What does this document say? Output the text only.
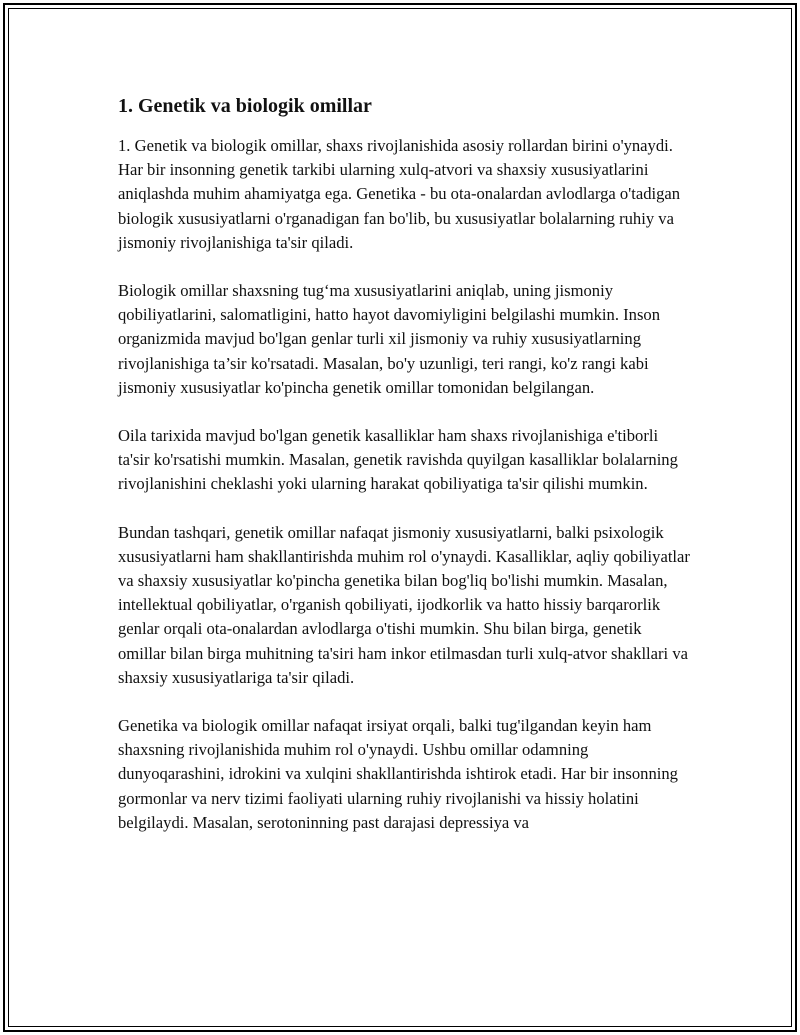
1. Genetik va biologik omillar

1. Genetik va biologik omillar, shaxs rivojlanishida asosiy rollardan birini o'ynaydi. Har bir insonning genetik tarkibi ularning xulq-atvori va shaxsiy xususiyatlarini aniqlashda muhim ahamiyatga ega. Genetika - bu ota-onalardan avlodlarga o'tadigan biologik xususiyatlarni o'rganadigan fan bo'lib, bu xususiyatlar bolalarning ruhiy va jismoniy rivojlanishiga ta'sir qiladi.

Biologik omillar shaxsning tug‘ma xususiyatlarini aniqlab, uning jismoniy qobiliyatlarini, salomatligini, hatto hayot davomiyligini belgilashi mumkin. Inson organizmida mavjud bo'lgan genlar turli xil jismoniy va ruhiy xususiyatlarning rivojlanishiga ta’sir ko'rsatadi. Masalan, bo'y uzunligi, teri rangi, ko'z rangi kabi jismoniy xususiyatlar ko'pincha genetik omillar tomonidan belgilangan.

Oila tarixida mavjud bo'lgan genetik kasalliklar ham shaxs rivojlanishiga e'tiborli ta'sir ko'rsatishi mumkin. Masalan, genetik ravishda quyilgan kasalliklar bolalarning rivojlanishini cheklashi yoki ularning harakat qobiliyatiga ta'sir qilishi mumkin.

Bundan tashqari, genetik omillar nafaqat jismoniy xususiyatlarni, balki psixologik xususiyatlarni ham shakllantirishda muhim rol o'ynaydi. Kasalliklar, aqliy qobiliyatlar va shaxsiy xususiyatlar ko'pincha genetika bilan bog'liq bo'lishi mumkin. Masalan, intellektual qobiliyatlar, o'rganish qobiliyati, ijodkorlik va hatto hissiy barqarorlik genlar orqali ota-onalardan avlodlarga o'tishi mumkin. Shu bilan birga, genetik omillar bilan birga muhitning ta'siri ham inkor etilmasdan turli xulq-atvor shakllari va shaxsiy xususiyatlariga ta'sir qiladi.

Genetika va biologik omillar nafaqat irsiyat orqali, balki tug'ilgandan keyin ham shaxsning rivojlanishida muhim rol o'ynaydi. Ushbu omillar odamning dunyoqarashini, idrokini va xulqini shakllantirishda ishtirok etadi. Har bir insonning gormonlar va nerv tizimi faoliyati ularning ruhiy rivojlanishi va hissiy holatini belgilaydi. Masalan, serotoninning past darajasi depressiya va
